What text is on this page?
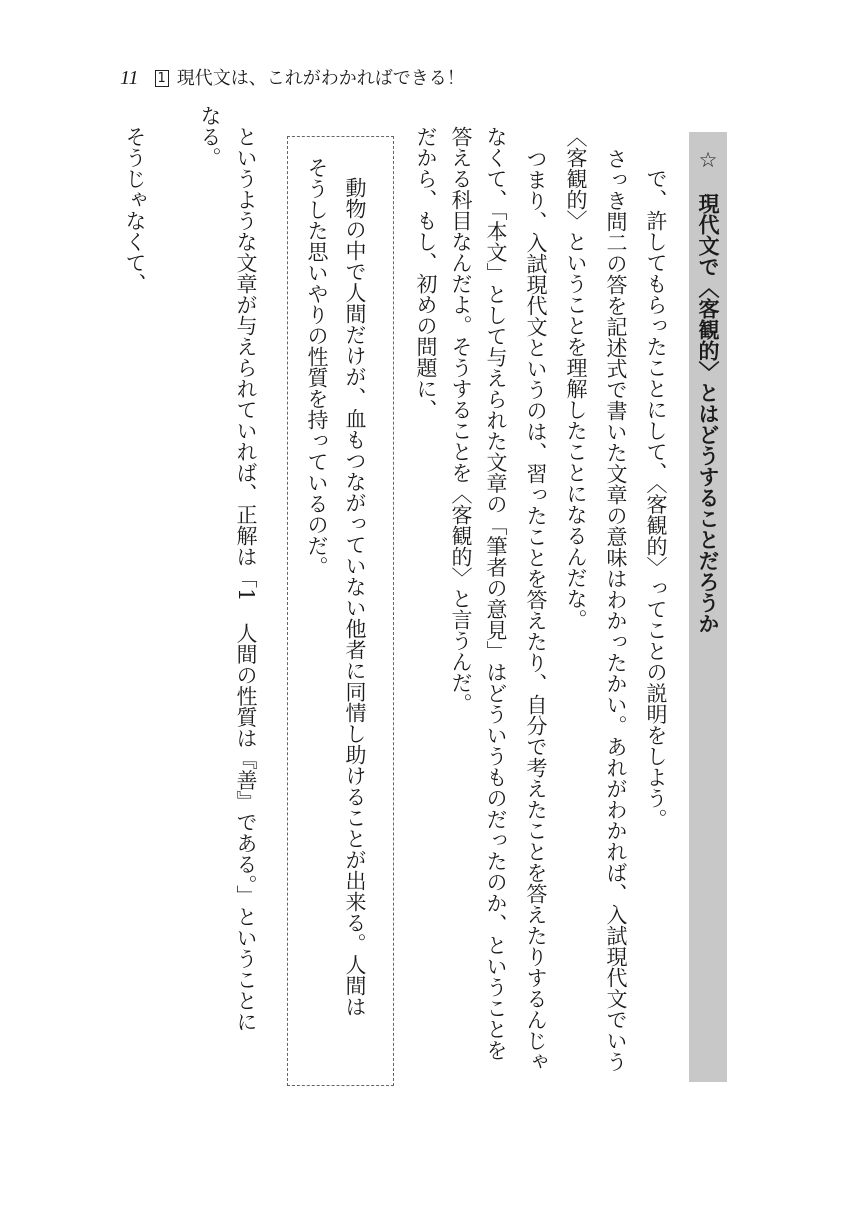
11 1 現代文は、これがわかればできる！
☆　現代文で〈客観的〉とはどうすることだろうか
で、許してもらったことにして、〈客観的〉ってことの説明をしよう。
さっき問二の答を記述式で書いた文章の意味はわかったかい。あれがわかれば、入試現代文でいう
〈客観的〉ということを理解したことになるんだな。
つまり、入試現代文というのは、習ったことを答えたり、自分で考えたことを答えたりするんじゃ
なくて、「本文」として与えられた文章の「筆者の意見」はどういうものだったのか、ということを
答える科目なんだよ。そうすることを〈客観的〉と言うんだ。
だから、もし、初めの問題に、
動物の中で人間だけが、血もつながっていない他者に同情し助けることが出来る。人間は
そうした思いやりの性質を持っているのだ。
というような文章が与えられていれば、正解は「1　人間の性質は『善』である。」ということに
なる。
そうじゃなくて、
